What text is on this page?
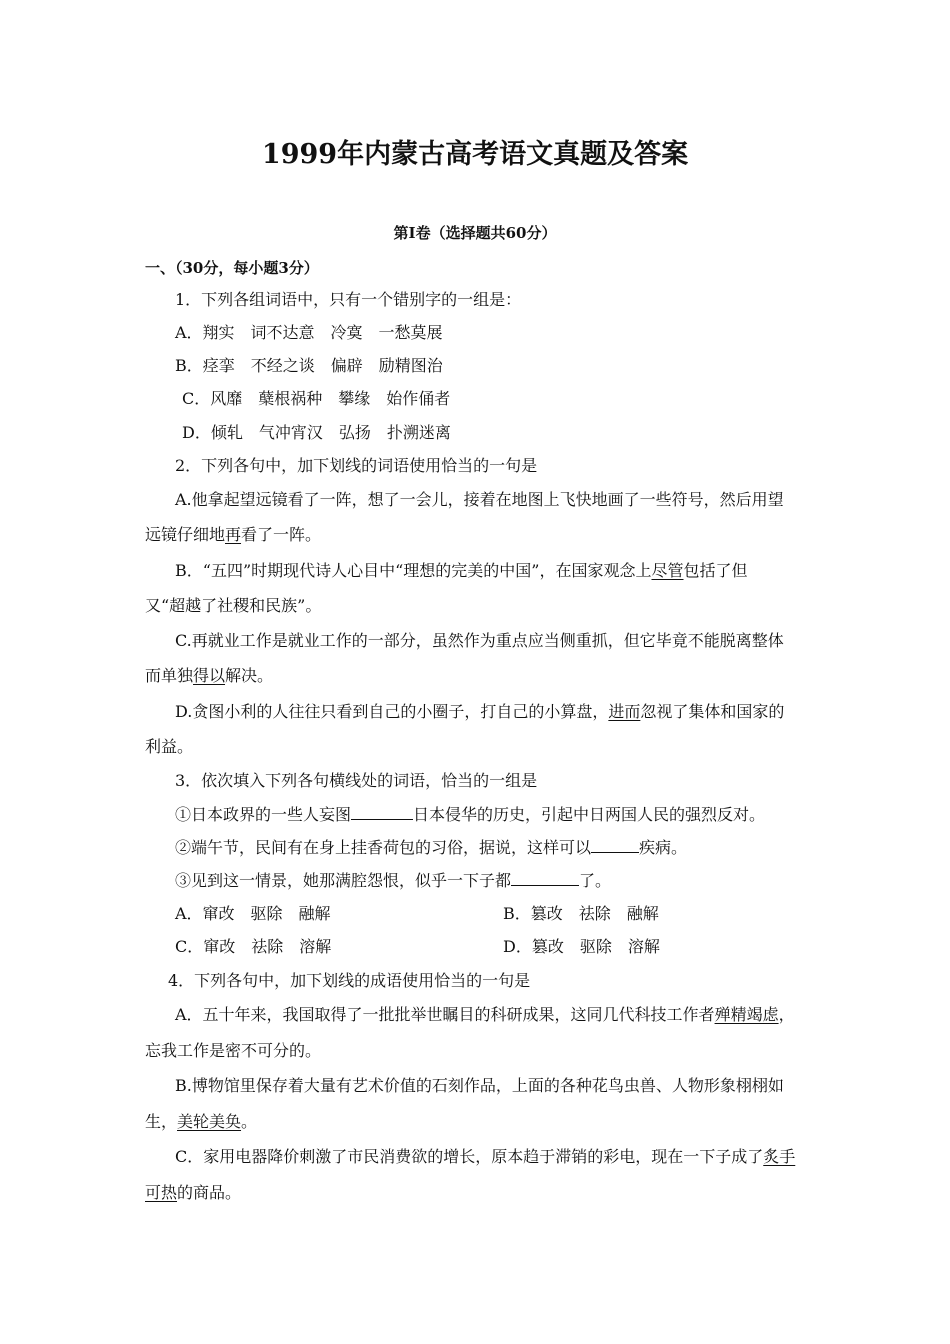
1999年内蒙古高考语文真题及答案
第Ⅰ卷（选择题共60分）
一、（30分，每小题3分）
1．下列各组词语中，只有一个错别字的一组是：
A．翔实　词不达意　冷寞　一愁莫展
B．痉挛　不经之谈　偏辟　励精图治
C．风靡　蘖根祸种　攀缘　始作俑者
D．倾轧　气冲宵汉　弘扬　扑溯迷离
2．下列各句中，加下划线的词语使用恰当的一句是
A.他拿起望远镜看了一阵，想了一会儿，接着在地图上飞快地画了一些符号，然后用望
远镜仔细地再看了一阵。
B．“五四”时期现代诗人心目中“理想的完美的中国”，在国家观念上尽管包括了但
又“超越了社稷和民族”。
C.再就业工作是就业工作的一部分，虽然作为重点应当侧重抓，但它毕竟不能脱离整体
而单独得以解决。
D.贪图小利的人往往只看到自己的小圈子，打自己的小算盘，进而忽视了集体和国家的
利益。
3．依次填入下列各句横线处的词语，恰当的一组是
①日本政界的一些人妄图	日本侵华的历史，引起中日两国人民的强烈反对。
②端午节，民间有在身上挂香荷包的习俗，据说，这样可以	疾病。
③见到这一情景，她那满腔怨恨，似乎一下子都	了。
A．窜改　驱除　融解	B．篡改　祛除　融解
C．窜改　祛除　溶解	D．篡改　驱除　溶解
4．下列各句中，加下划线的成语使用恰当的一句是
A．五十年来，我国取得了一批批举世瞩目的科研成果，这同几代科技工作者殚精竭虑，
忘我工作是密不可分的。
B.博物馆里保存着大量有艺术价值的石刻作品，上面的各种花鸟虫兽、人物形象栩栩如
生，美轮美奂。
C．家用电器降价刺激了市民消费欲的增长，原本趋于滞销的彩电，现在一下子成了炙手
可热的商品。
